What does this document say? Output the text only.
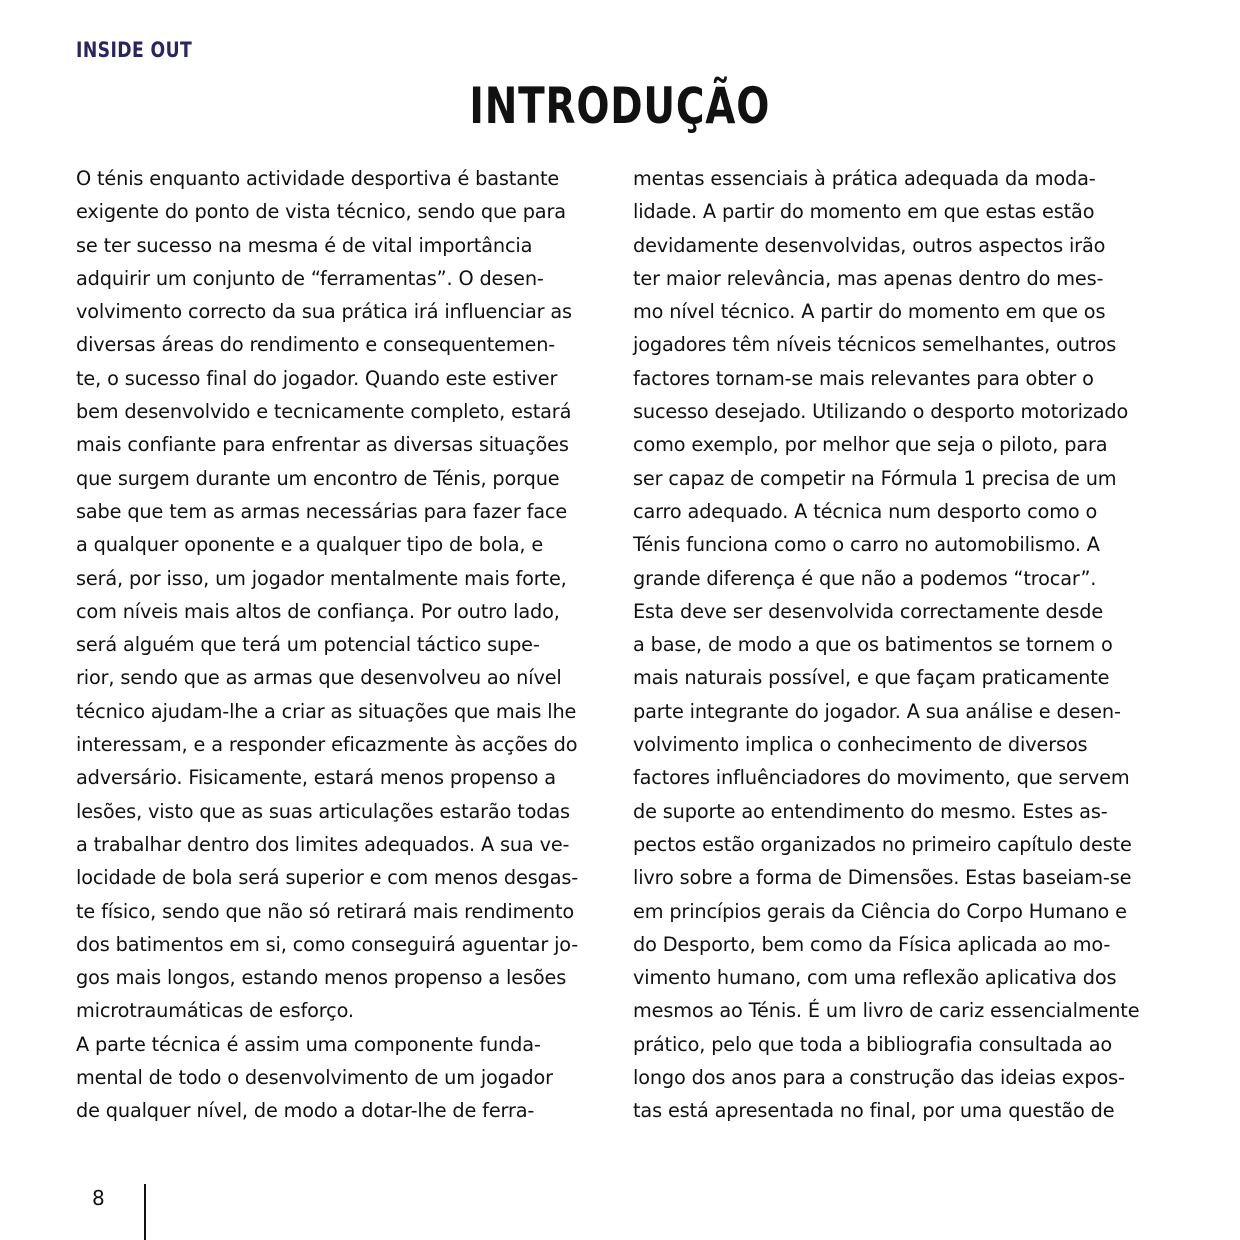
INSIDE OUT
INTRODUÇÃO
O ténis enquanto actividade desportiva é bastante
exigente do ponto de vista técnico, sendo que para
se ter sucesso na mesma é de vital importância
adquirir um conjunto de “ferramentas”. O desen-
volvimento correcto da sua prática irá influenciar as
diversas áreas do rendimento e consequentemen-
te, o sucesso final do jogador. Quando este estiver
bem desenvolvido e tecnicamente completo, estará
mais confiante para enfrentar as diversas situações
que surgem durante um encontro de Ténis, porque
sabe que tem as armas necessárias para fazer face
a qualquer oponente e a qualquer tipo de bola, e
será, por isso, um jogador mentalmente mais forte,
com níveis mais altos de confiança. Por outro lado,
será alguém que terá um potencial táctico supe-
rior, sendo que as armas que desenvolveu ao nível
técnico ajudam-lhe a criar as situações que mais lhe
interessam, e a responder eficazmente às acções do
adversário. Fisicamente, estará menos propenso a
lesões, visto que as suas articulações estarão todas
a trabalhar dentro dos limites adequados. A sua ve-
locidade de bola será superior e com menos desgas-
te físico, sendo que não só retirará mais rendimento
dos batimentos em si, como conseguirá aguentar jo-
gos mais longos, estando menos propenso a lesões
microtraumáticas de esforço.
A parte técnica é assim uma componente funda-
mental de todo o desenvolvimento de um jogador
de qualquer nível, de modo a dotar-lhe de ferra-
mentas essenciais à prática adequada da moda-
lidade. A partir do momento em que estas estão
devidamente desenvolvidas, outros aspectos irão
ter maior relevância, mas apenas dentro do mes-
mo nível técnico. A partir do momento em que os
jogadores têm níveis técnicos semelhantes, outros
factores tornam-se mais relevantes para obter o
sucesso desejado. Utilizando o desporto motorizado
como exemplo, por melhor que seja o piloto, para
ser capaz de competir na Fórmula 1 precisa de um
carro adequado. A técnica num desporto como o
Ténis funciona como o carro no automobilismo. A
grande diferença é que não a podemos “trocar”.
Esta deve ser desenvolvida correctamente desde
a base, de modo a que os batimentos se tornem o
mais naturais possível, e que façam praticamente
parte integrante do jogador. A sua análise e desen-
volvimento implica o conhecimento de diversos
factores influênciadores do movimento, que servem
de suporte ao entendimento do mesmo. Estes as-
pectos estão organizados no primeiro capítulo deste
livro sobre a forma de Dimensões. Estas baseiam-se
em princípios gerais da Ciência do Corpo Humano e
do Desporto, bem como da Física aplicada ao mo-
vimento humano, com uma reflexão aplicativa dos
mesmos ao Ténis. É um livro de cariz essencialmente
prático, pelo que toda a bibliografia consultada ao
longo dos anos para a construção das ideias expos-
tas está apresentada no final, por uma questão de
8
